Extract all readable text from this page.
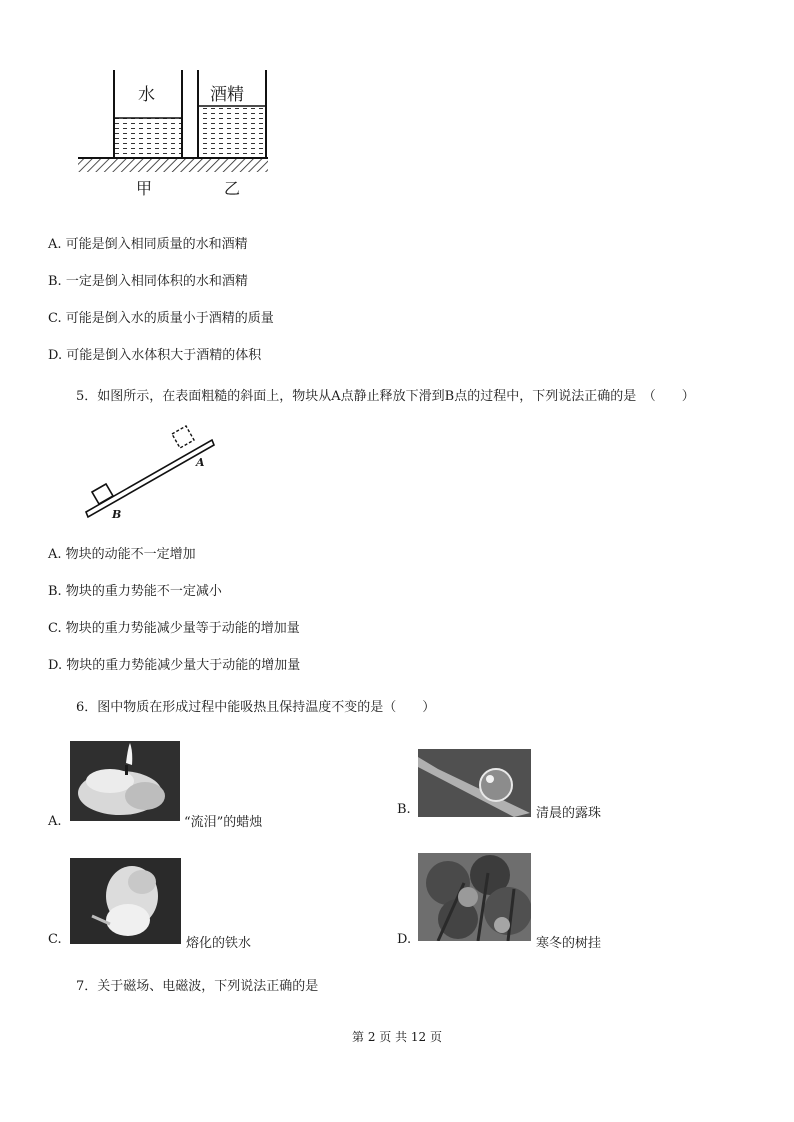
水	酒精
甲	乙
A. 可能是倒入相同质量的水和酒精
B. 一定是倒入相同体积的水和酒精
C. 可能是倒入水的质量小于酒精的质量
D. 可能是倒入水体积大于酒精的体积
5．如图所示，在表面粗糙的斜面上，物块从A点静止释放下滑到B点的过程中，下列说法正确的是　（　　）
A
B
A. 物块的动能不一定增加
B. 物块的重力势能不一定减小
C. 物块的重力势能减少量等于动能的增加量
D. 物块的重力势能减少量大于动能的增加量
6．图中物质在形成过程中能吸热且保持温度不变的是（　　）
A.	“流泪”的蜡烛
B.	清晨的露珠
C.	熔化的铁水	D.	寒冬的树挂
7．关于磁场、电磁波，下列说法正确的是
第 2 页 共 12 页
